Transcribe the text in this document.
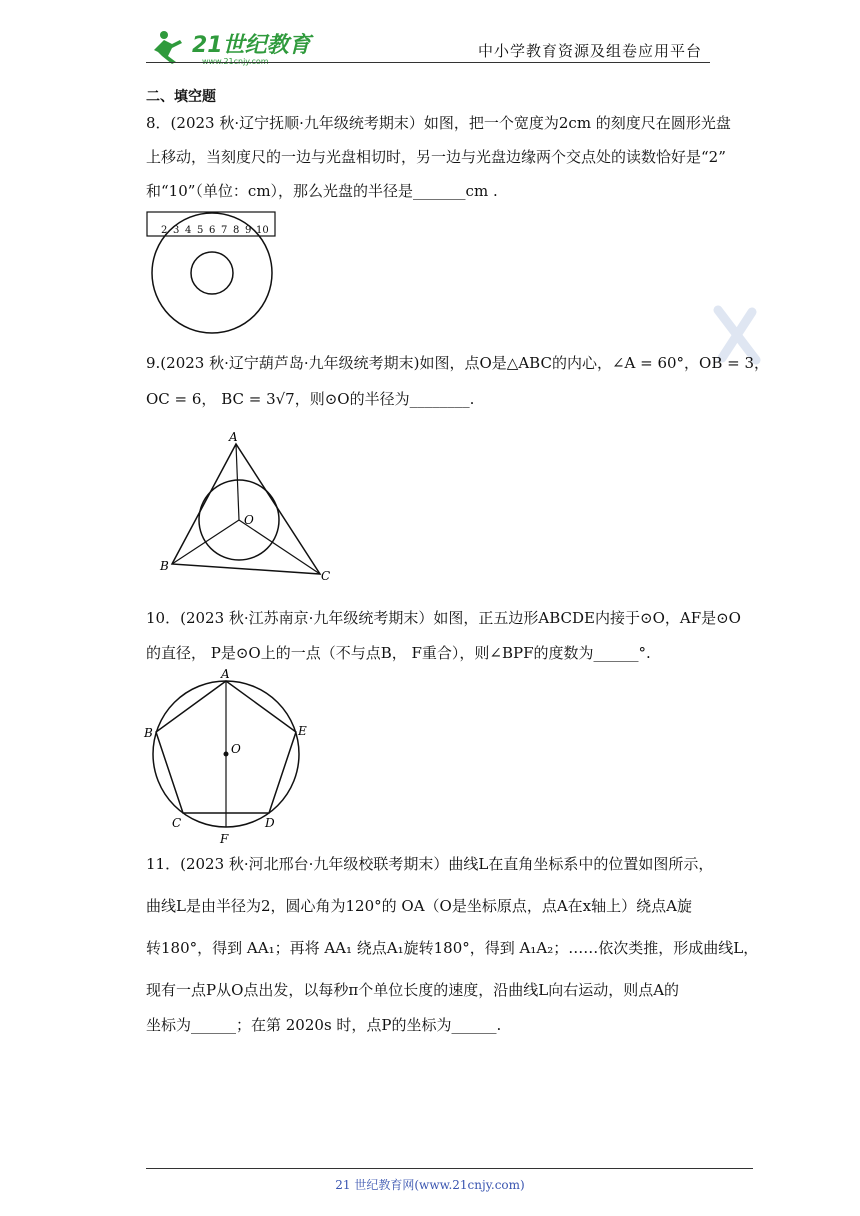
21世纪教育	中小学教育资源及组卷应用平台
二、填空题
8．(2023 秋·辽宁抚顺·九年级统考期末）如图，把一个宽度为2cm 的刻度尺在圆形光盘
上移动，当刻度尺的一边与光盘相切时，另一边与光盘边缘两个交点处的读数恰好是“2”
和“10”（单位：cm），那么光盘的半径是_______cm .
2 3 4 5 6 7 8 9 10
9.(2023 秋·辽宁葫芦岛·九年级统考期末)如图，点O是△ABC的内心，∠A = 60°，OB = 3，
OC = 6， BC = 3√7，则⊙O的半径为________.
A
B
C
O
10．(2023 秋·江苏南京·九年级统考期末）如图，正五边形ABCDE内接于⊙O，AF是⊙O
的直径， P是⊙O上的一点（不与点B， F重合），则∠BPF的度数为______°.
A
B
C	D
E
F
O
11．(2023 秋·河北邢台·九年级校联考期末）曲线L在直角坐标系中的位置如图所示，
曲线L是由半径为2，圆心角为120°的 OA（O是坐标原点，点A在x轴上）绕点A旋
转180°，得到 AA₁；再将 AA₁ 绕点A₁旋转180°，得到 A₁A₂；……依次类推，形成曲线L，
现有一点P从O点出发，以每秒π个单位长度的速度，沿曲线L向右运动，则点A的
坐标为______；在第 2020s 时，点P的坐标为______.
21 世纪教育网(www.21cnjy.com)
